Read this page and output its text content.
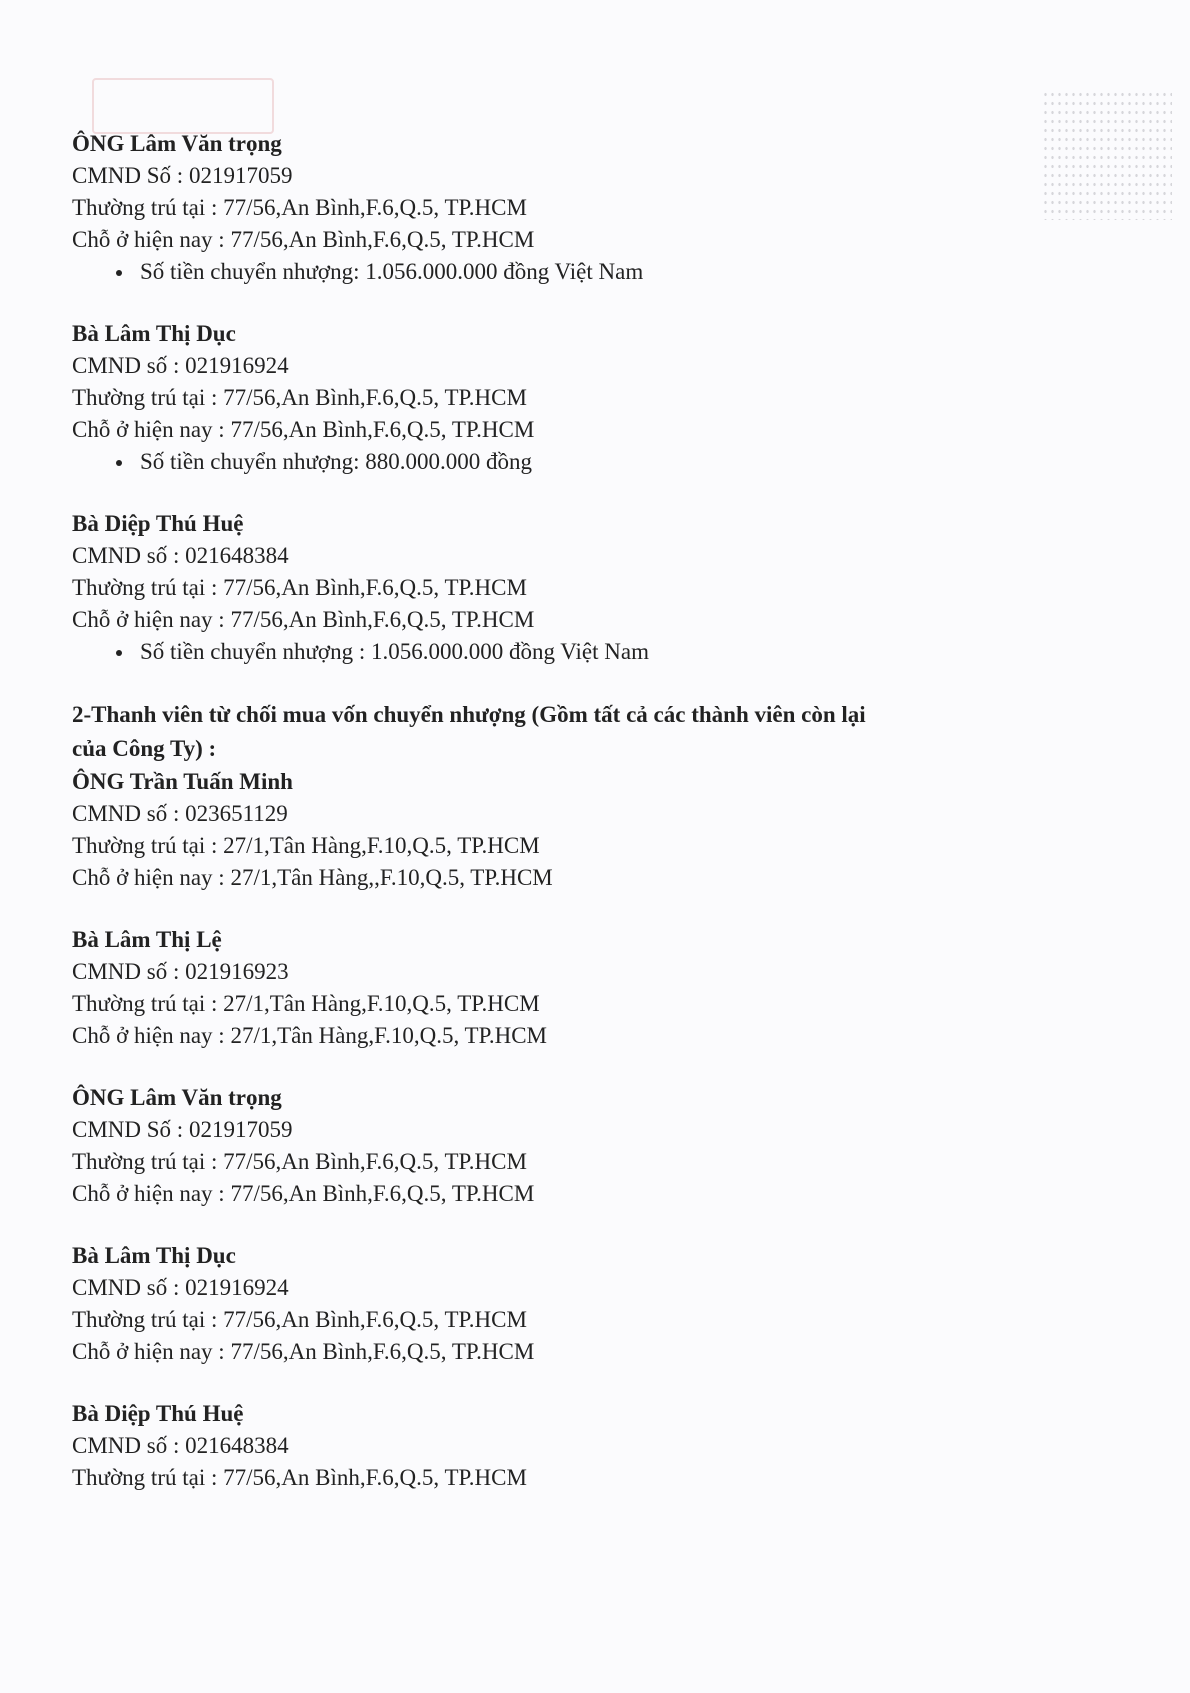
ÔNG Lâm Văn trọng
CMND Số : 021917059
Thường trú tại : 77/56,An Bình,F.6,Q.5, TP.HCM
Chỗ ở hiện nay : 77/56,An Bình,F.6,Q.5, TP.HCM
Số tiền chuyển nhượng: 1.056.000.000 đồng Việt Nam
Bà Lâm Thị Dục
CMND số : 021916924
Thường trú tại : 77/56,An Bình,F.6,Q.5, TP.HCM
Chỗ ở hiện nay : 77/56,An Bình,F.6,Q.5, TP.HCM
Số tiền chuyển nhượng: 880.000.000 đồng
Bà Diệp Thú Huệ
CMND số : 021648384
Thường trú tại : 77/56,An Bình,F.6,Q.5, TP.HCM
Chỗ ở hiện nay : 77/56,An Bình,F.6,Q.5, TP.HCM
Số tiền chuyển nhượng : 1.056.000.000 đồng Việt Nam
2-Thanh viên từ chối mua vốn chuyển nhượng (Gồm tất cả các thành viên còn lại
của Công Ty) :
ÔNG Trần Tuấn Minh
CMND số : 023651129
Thường trú tại : 27/1,Tân Hàng,F.10,Q.5, TP.HCM
Chỗ ở hiện nay : 27/1,Tân Hàng,,F.10,Q.5, TP.HCM
Bà Lâm Thị Lệ
CMND số : 021916923
Thường trú tại : 27/1,Tân Hàng,F.10,Q.5, TP.HCM
Chỗ ở hiện nay : 27/1,Tân Hàng,F.10,Q.5, TP.HCM
ÔNG Lâm Văn trọng
CMND Số : 021917059
Thường trú tại : 77/56,An Bình,F.6,Q.5, TP.HCM
Chỗ ở hiện nay : 77/56,An Bình,F.6,Q.5, TP.HCM
Bà Lâm Thị Dục
CMND số : 021916924
Thường trú tại : 77/56,An Bình,F.6,Q.5, TP.HCM
Chỗ ở hiện nay : 77/56,An Bình,F.6,Q.5, TP.HCM
Bà Diệp Thú Huệ
CMND số : 021648384
Thường trú tại : 77/56,An Bình,F.6,Q.5, TP.HCM
